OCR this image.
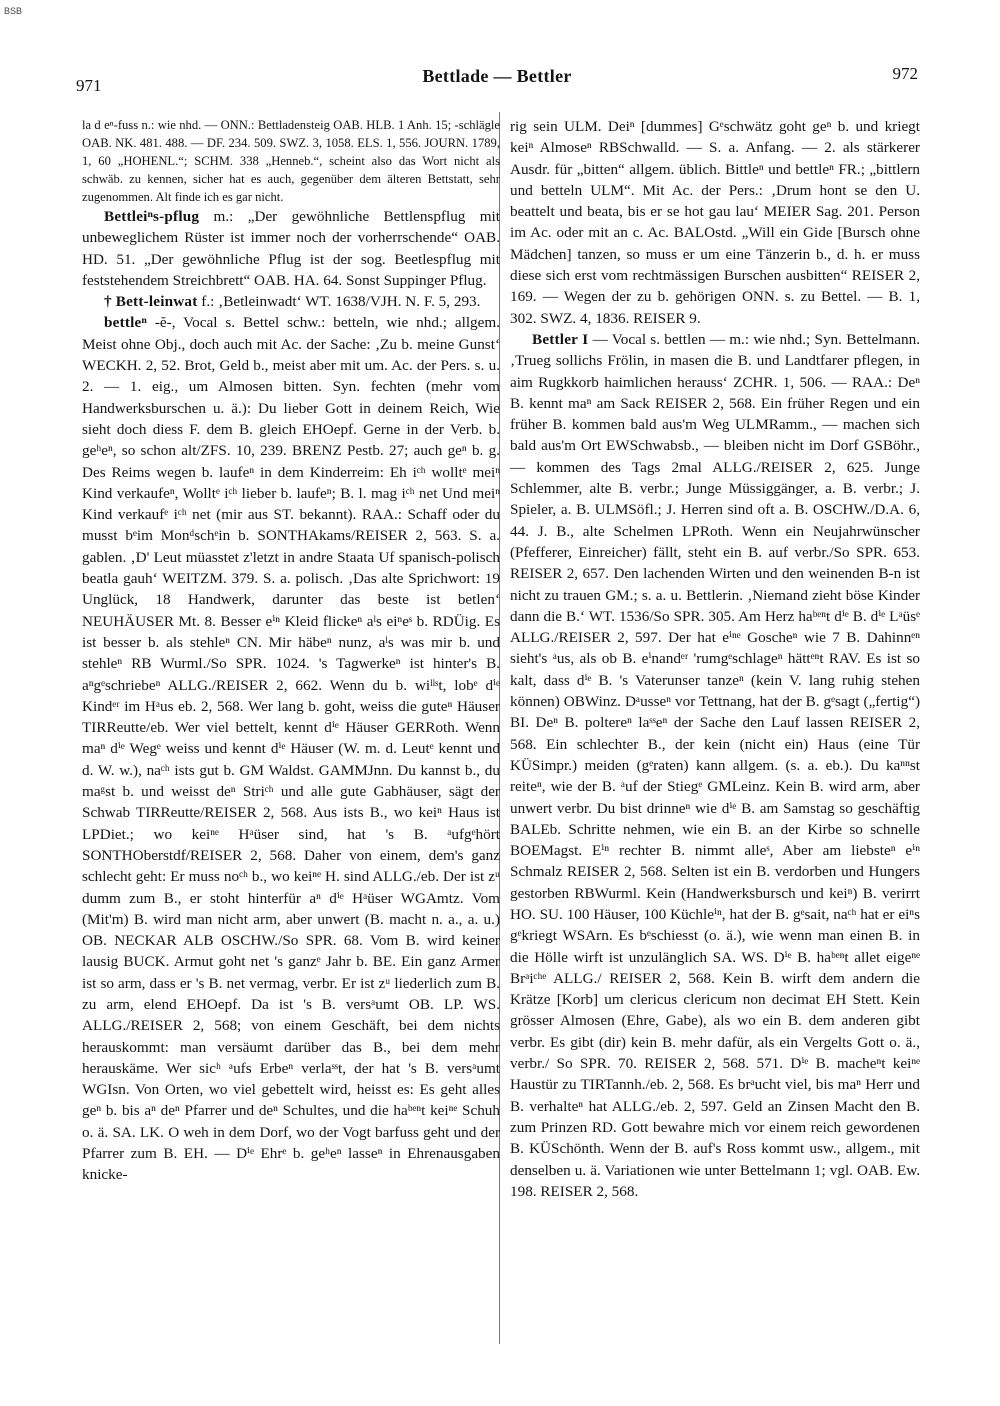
BSB
971	Bettlade — Bettler	972

la d eⁿ-fuss n.: wie nhd. — ONN.: Bettladensteig OAB. HLB. 1 Anh. 15; -schlägle OAB. NK. 481. 488. — DF. 234. 509. SWZ. 3, 1058. ELS. 1, 556. JOURN. 1789, 1, 60 „HOHENL.“; SCHM. 338 „Henneb.“, scheint also das Wort nicht als schwäb. zu kennen, sicher hat es auch, gegenüber dem älteren Bettstatt, sehr zugenommen. Alt finde ich es gar nicht.

Bettleiⁿs-pflug m.: „Der gewöhnliche Bettlenspflug mit unbeweglichem Rüster ist immer noch der vorherrschende“ OAB. HD. 51. „Der gewöhnliche Pflug ist der sog. Beetlespflug mit feststehendem Streichbrett“ OAB. HA. 64. Sonst Suppinger Pflug.

† Bett-leinwat f.: ‚Betleinwadt‘ WT. 1638/VJH. N. F. 5, 293.

bettleⁿ -ĕ-, Vocal s. Bettel schw.: betteln, wie nhd.; allgem. Meist ohne Obj., doch auch mit Ac. der Sache: ‚Zu b. meine Gunst‘ WECKH. 2, 52. Brot, Geld b., meist aber mit um. Ac. der Pers. s. u. 2. — 1. eig., um Almosen bitten. Syn. fechten (mehr vom Handwerksburschen u. ä.): Du lieber Gott in deinem Reich, Wie sieht doch diess F. dem B. gleich EHOepf. Gerne in der Verb. b. geʰeⁿ, so schon alt/ZFS. 10, 239. BRENZ Pestb. 27; auch geⁿ b. g. Des Reims wegen b. laufeⁿ in dem Kinderreim: Eh iᶜʰ wolltᵉ meiⁿ Kind verkaufeⁿ, Wolltᵉ iᶜʰ lieber b. laufeⁿ; B. l. mag iᶜʰ net Und meiⁿ Kind verkaufᵉ iᶜʰ net (mir aus ST. bekannt). RAA.: Schaff oder du musst bᵉim Monᵈschᵉin b. SONTHAkams/REISER 2, 563. S. a. gablen. ‚D' Leut müasstet z'letzt in andre Staata Uf spanisch-polisch beatla gauh‘ WEITZM. 379. S. a. polisch. ‚Das alte Sprichwort: 19 Unglück, 18 Handwerk, darunter das beste ist betlen‘ NEUHÄUSER Mt. 8. Besser eⁱⁿ Kleid flickeⁿ aˡs eiⁿeˢ b. RDÜig. Es ist besser b. als stehleⁿ CN. Mir häbeⁿ nunz, aˡs was mir b. und stehleⁿ RB Wurml./So SPR. 1024. 's Tagwerkeⁿ ist hinter's B. aⁿgᵉschriebeⁿ ALLG./REISER 2, 662. Wenn du b. wiˡˡˢt, lobᵉ dⁱᵉ Kindᵉʳ im Hᵃus eb. 2, 568. Wer lang b. goht, weiss die guteⁿ Häuser TIRReutte/eb. Wer viel bettelt, kennt dⁱᵉ Häuser GERRoth. Wenn maⁿ dⁱᵉ Wegᵉ weiss und kennt dⁱᵉ Häuser (W. m. d. Leutᵉ kennt und d. W. w.), naᶜʰ ists gut b. GM Waldst. GAMMJnn. Du kannst b., du maᵍst b. und weisst deⁿ Striᶜʰ und alle gute Gabhäuser, sägt der Schwab TIRReutte/REISER 2, 568. Aus ists B., wo keiⁿ Haus ist LPDiet.; wo keiⁿᵉ Hᵃüser sind, hat 's B. ᵃufgᵉhört SONTHOberstdf/REISER 2, 568. Daher von einem, dem's ganz schlecht geht: Er muss noᶜʰ b., wo keiⁿᵉ H. sind ALLG./eb. Der ist zᵘ dumm zum B., er stoht hinterfür aⁿ dⁱᵉ Hᵃüser WGAmtz. Vom (Mit'm) B. wird man nicht arm, aber unwert (B. macht n. a., a. u.) OB. NECKAR ALB OSCHW./So SPR. 68. Vom B. wird keiner lausig BUCK. Armut goht net 's ganzᵉ Jahr b. BE. Ein ganz Armer ist so arm, dass er 's B. net vermag, verbr. Er ist zᵘ liederlich zum B. zu arm, elend EHOepf. Da ist 's B. versᵃumt OB. LP. WS. ALLG./REISER 2, 568; von einem Geschäft, bei dem nichts herauskommt: man versäumt darüber das B., bei dem mehr herauskäme. Wer sicʰ ᵃufs Erbeⁿ verlaˢˢt, der hat 's B. versᵃumt WGIsn. Von Orten, wo viel gebettelt wird, heisst es: Es geht alles geⁿ b. bis aⁿ deⁿ Pfarrer und deⁿ Schultes, und die haᵇᵉⁿt keiⁿᵉ Schuh o. ä. SA. LK. O weh in dem Dorf, wo der Vogt barfuss geht und der Pfarrer zum B. EH. — Dⁱᵉ Ehrᵉ b. geʰeⁿ lasseⁿ in Ehrenausgaben knicke-

rig sein ULM. Deiⁿ [dummes] Gᵉschwätz goht geⁿ b. und kriegt keiⁿ Almoseⁿ RBSchwalld. — S. a. Anfang. — 2. als stärkerer Ausdr. für „bitten“ allgem. üblich. Bittleⁿ und bettleⁿ FR.; „bittlern und betteln ULM“. Mit Ac. der Pers.: ‚Drum hont se den U. beattelt und beata, bis er se hot gau lau‘ MEIER Sag. 201. Person im Ac. oder mit an c. Ac. BALOstd. „Will ein Gide [Bursch ohne Mädchen] tanzen, so muss er um eine Tänzerin b., d. h. er muss diese sich erst vom rechtmässigen Burschen ausbitten“ REISER 2, 169. — Wegen der zu b. gehörigen ONN. s. zu Bettel. — B. 1, 302. SWZ. 4, 1836. REISER 9.

Bettler I — Vocal s. bettlen — m.: wie nhd.; Syn. Bettelmann. ‚Trueg sollichs Frölin, in masen die B. und Landtfarer pflegen, in aim Rugkkorb haimlichen herauss‘ ZCHR. 1, 506. — RAA.: Deⁿ B. kennt maⁿ am Sack REISER 2, 568. Ein früher Regen und ein früher B. kommen bald aus'm Weg ULMRamm., — machen sich bald aus'm Ort EWSchwabsb., — bleiben nicht im Dorf GSBöhr., — kommen des Tags 2mal ALLG./REISER 2, 625. Junge Schlemmer, alte B. verbr.; Junge Müssiggänger, a. B. verbr.; J. Spieler, a. B. ULMSöfl.; J. Herren sind oft a. B. OSCHW./D.A. 6, 44. J. B., alte Schelmen LPRoth. Wenn ein Neujahrwünscher (Pfefferer, Einreicher) fällt, steht ein B. auf verbr./So SPR. 653. REISER 2, 657. Den lachenden Wirten und den weinenden B-n ist nicht zu trauen GM.; s. a. u. Bettlerin. ‚Niemand zieht böse Kinder dann die B.‘ WT. 1536/So SPR. 305. Am Herz haᵇᵉⁿt dⁱᵉ B. dⁱᵉ Lᵃüsᵉ ALLG./REISER 2, 597. Der hat eⁱⁿᵉ Goscheⁿ wie 7 B. Dahinnᵉⁿ sieht's ᵃus, als ob B. eⁱnandᵉʳ 'rumgᵉschlageⁿ hättᵉⁿt RAV. Es ist so kalt, dass dⁱᵉ B. 's Vaterunser tanzeⁿ (kein V. lang ruhig stehen können) OBWinz. Dᵃusseⁿ vor Tettnang, hat der B. gᵉsagt („fertig“) BI. Deⁿ B. pᴏltereⁿ laˢˢeⁿ der Sache den Lauf lassen REISER 2, 568. Ein schlechter B., der kein (nicht ein) Haus (eine Tür KÜSimpr.) meiden (gᵉraten) kann allgem. (s. a. eb.). Du kaⁿⁿst reiteⁿ, wie der B. ᵃuf der Stiegᵉ GMLeinz. Kein B. wird arm, aber unwert verbr. Du bist drinneⁿ wie dⁱᵉ B. am Samstag so geschäftig BALEb. Schritte nehmen, wie ein B. an der Kirbe so schnelle BOEMagst. Eⁱⁿ rechter B. nimmt alleˢ, Aber am liebsteⁿ eⁱⁿ Schmalz REISER 2, 568. Selten ist ein B. verdorben und Hungers gestorben RBWurml. Kein (Handwerksbursch und keiⁿ) B. verirrt HO. SU. 100 Häuser, 100 Küchleⁱⁿ, hat der B. gᵉsait, naᶜʰ hat er eiⁿs gᵉkriegt WSArn. Es bᵉschiesst (o. ä.), wie wenn man einen B. in die Hölle wirft ist unzulänglich SA. WS. Dⁱᵉ B. haᵇᵉⁿt allet eigeⁿᵉ Brᵃiᶜʰᵉ ALLG./ REISER 2, 568. Kein B. wirft dem andern die Krätze [Korb] um clericus clericum non decimat EH Stett. Kein grösser Almosen (Ehre, Gabe), als wo ein B. dem anderen gibt verbr. Es gibt (dir) kein B. mehr dafür, als ein Vergelts Gott o. ä., verbr./ So SPR. 70. REISER 2, 568. 571. Dⁱᵉ B. macheⁿt keiⁿᵉ Haustür zu TIRTannh./eb. 2, 568. Es brᵃucht viel, bis maⁿ Herr und B. verhalteⁿ hat ALLG./eb. 2, 597. Geld an Zinsen Macht den B. zum Prinzen RD. Gott bewahre mich vor einem reich gewordenen B. KÜSchönth. Wenn der B. auf's Ross kommt usw., allgem., mit denselben u. ä. Variationen wie unter Bettelmann 1; vgl. OAB. Ew. 198. REISER 2, 568.
